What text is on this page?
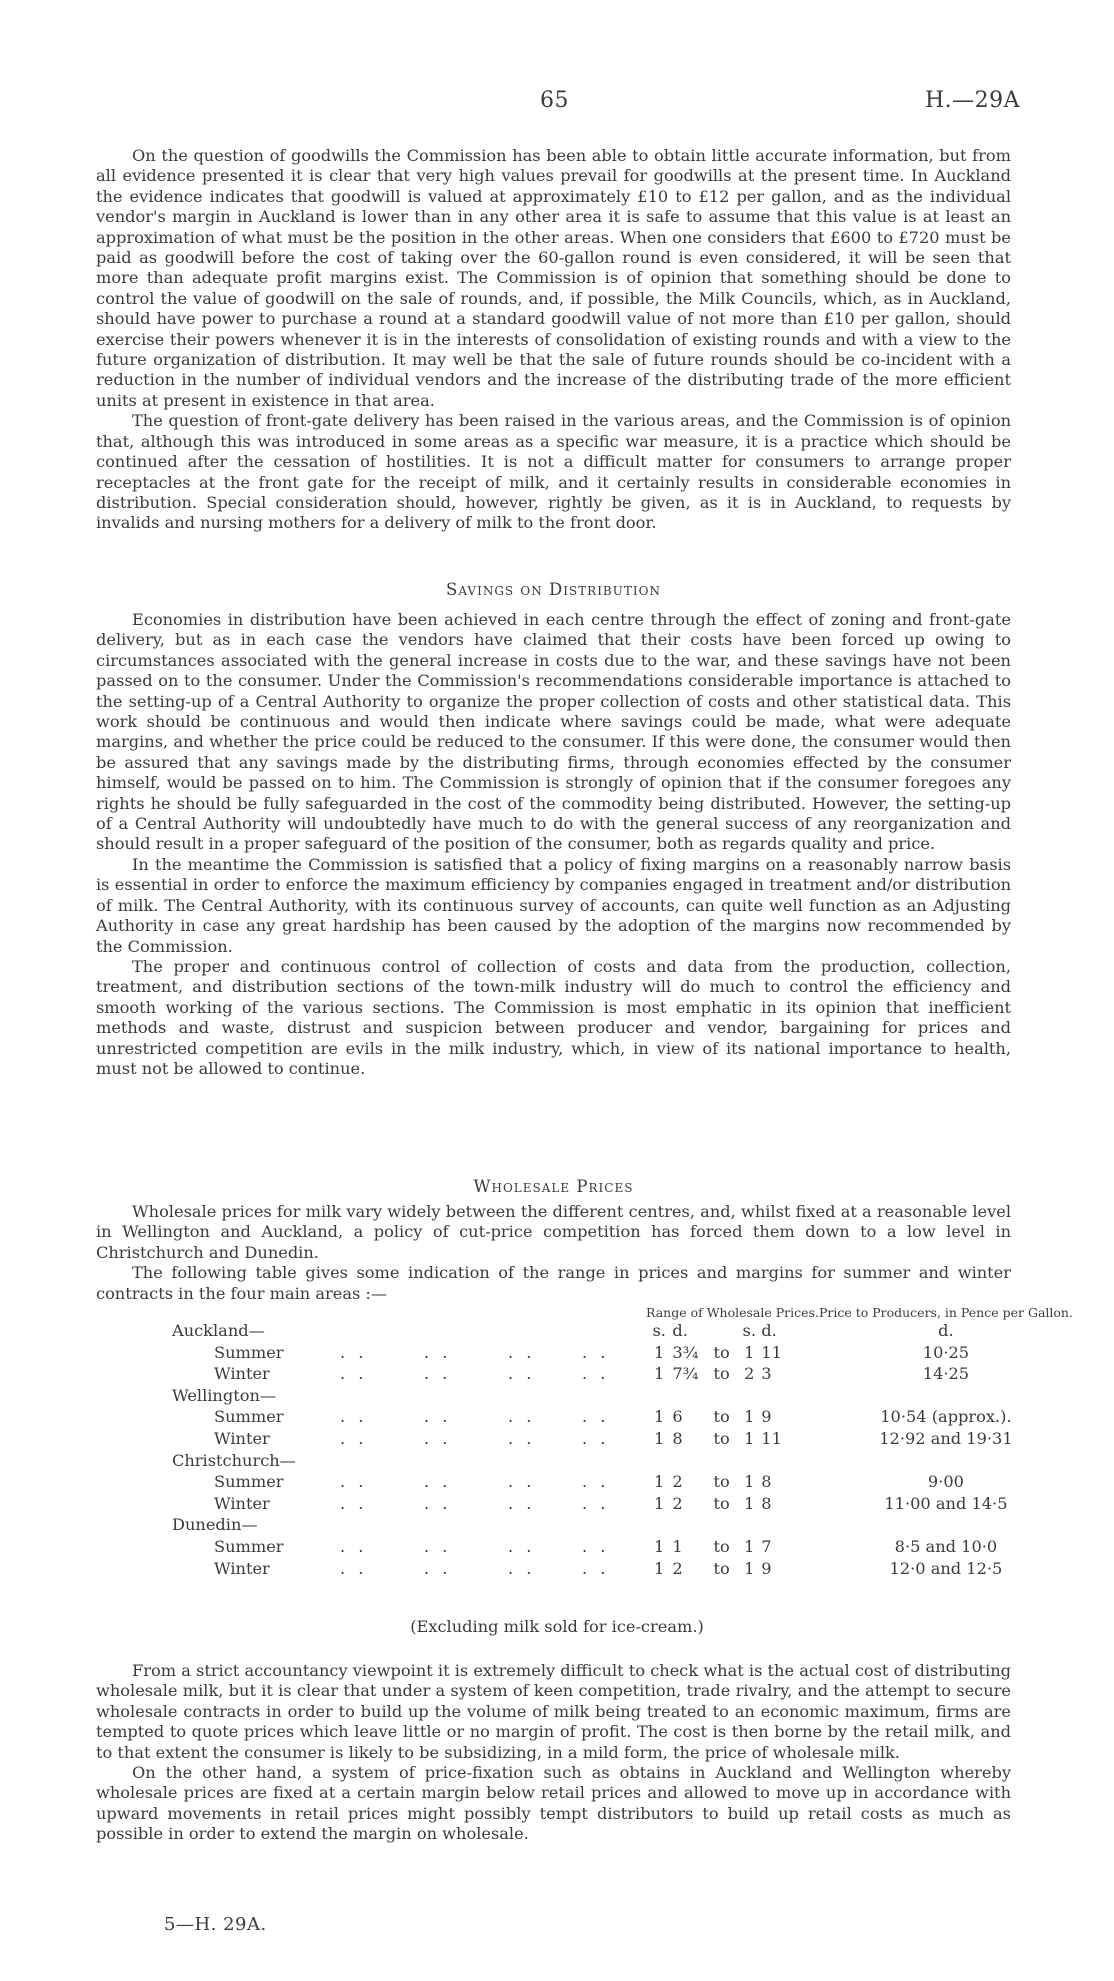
65	H.—29A

On the question of goodwills the Commission has been able to obtain little accurate information, but from all evidence presented it is clear that very high values prevail for goodwills at the present time. In Auckland the evidence indicates that goodwill is valued at approximately £10 to £12 per gallon, and as the individual vendor's margin in Auckland is lower than in any other area it is safe to assume that this value is at least an approximation of what must be the position in the other areas. When one considers that £600 to £720 must be paid as goodwill before the cost of taking over the 60-gallon round is even considered, it will be seen that more than adequate profit margins exist. The Commission is of opinion that something should be done to control the value of goodwill on the sale of rounds, and, if possible, the Milk Councils, which, as in Auckland, should have power to purchase a round at a standard goodwill value of not more than £10 per gallon, should exercise their powers whenever it is in the interests of consolidation of existing rounds and with a view to the future organization of distribution. It may well be that the sale of future rounds should be co-incident with a reduction in the number of individual vendors and the increase of the distributing trade of the more efficient units at present in existence in that area.

The question of front-gate delivery has been raised in the various areas, and the Commission is of opinion that, although this was introduced in some areas as a specific war measure, it is a practice which should be continued after the cessation of hostilities. It is not a difficult matter for consumers to arrange proper receptacles at the front gate for the receipt of milk, and it certainly results in considerable economies in distribution. Special consideration should, however, rightly be given, as it is in Auckland, to requests by invalids and nursing mothers for a delivery of milk to the front door.

Savings on Distribution

Economies in distribution have been achieved in each centre through the effect of zoning and front-gate delivery, but as in each case the vendors have claimed that their costs have been forced up owing to circumstances associated with the general increase in costs due to the war, and these savings have not been passed on to the consumer. Under the Commission's recommendations considerable importance is attached to the setting-up of a Central Authority to organize the proper collection of costs and other statistical data. This work should be continuous and would then indicate where savings could be made, what were adequate margins, and whether the price could be reduced to the consumer. If this were done, the consumer would then be assured that any savings made by the distributing firms, through economies effected by the consumer himself, would be passed on to him. The Commission is strongly of opinion that if the consumer foregoes any rights he should be fully safeguarded in the cost of the commodity being distributed. However, the setting-up of a Central Authority will undoubtedly have much to do with the general success of any reorganization and should result in a proper safeguard of the position of the consumer, both as regards quality and price.

In the meantime the Commission is satisfied that a policy of fixing margins on a reasonably narrow basis is essential in order to enforce the maximum efficiency by companies engaged in treatment and/or distribution of milk. The Central Authority, with its continuous survey of accounts, can quite well function as an Adjusting Authority in case any great hardship has been caused by the adoption of the margins now recommended by the Commission.

The proper and continuous control of collection of costs and data from the production, collection, treatment, and distribution sections of the town-milk industry will do much to control the efficiency and smooth working of the various sections. The Commission is most emphatic in its opinion that inefficient methods and waste, distrust and suspicion between producer and vendor, bargaining for prices and unrestricted competition are evils in the milk industry, which, in view of its national importance to health, must not be allowed to continue.

Wholesale Prices

Wholesale prices for milk vary widely between the different centres, and, whilst fixed at a reasonable level in Wellington and Auckland, a policy of cut-price competition has forced them down to a low level in Christchurch and Dunedin.

The following table gives some indication of the range in prices and margins for summer and winter contracts in the four main areas :—

					Range of Wholesale Prices.					Price to Producers, in Pence per Gallon.
Auckland—					s.	d.		s.	d.	d.
Summer	. .	. .	. .	. .	1	3¾	to	1	11	10·25
Winter	. .	. .	. .	. .	1	7¾	to	2	3	14·25
Wellington—										
Summer	. .	. .	. .	. .	1	6	to	1	9	10·54 (approx.).
Winter	. .	. .	. .	. .	1	8	to	1	11	12·92 and 19·31
Christchurch—										
Summer	. .	. .	. .	. .	1	2	to	1	8	9·00
Winter	. .	. .	. .	. .	1	2	to	1	8	11·00 and 14·5
Dunedin—										
Summer	. .	. .	. .	. .	1	1	to	1	7	8·5 and 10·0
Winter	. .	. .	. .	. .	1	2	to	1	9	12·0 and 12·5
(Excluding milk sold for ice-cream.)

From a strict accountancy viewpoint it is extremely difficult to check what is the actual cost of distributing wholesale milk, but it is clear that under a system of keen competition, trade rivalry, and the attempt to secure wholesale contracts in order to build up the volume of milk being treated to an economic maximum, firms are tempted to quote prices which leave little or no margin of profit. The cost is then borne by the retail milk, and to that extent the consumer is likely to be subsidizing, in a mild form, the price of wholesale milk.

On the other hand, a system of price-fixation such as obtains in Auckland and Wellington whereby wholesale prices are fixed at a certain margin below retail prices and allowed to move up in accordance with upward movements in retail prices might possibly tempt distributors to build up retail costs as much as possible in order to extend the margin on wholesale.

5—H. 29A.
